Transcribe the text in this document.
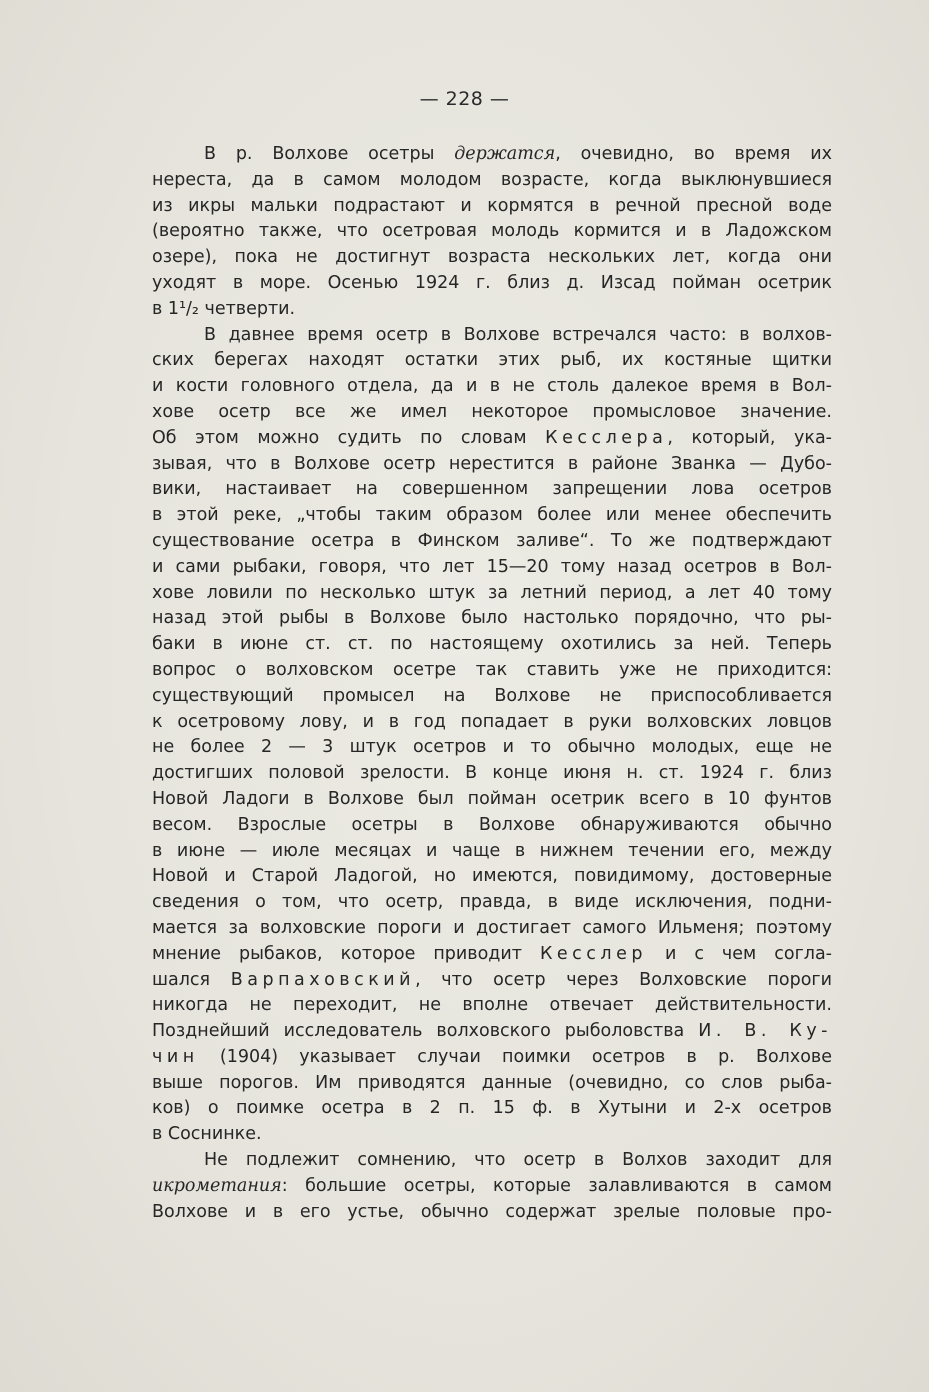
— 228 —
В р. Волхове осетры держатся, очевидно, во время их
нереста, да в самом молодом возрасте, когда выклюнувшиеся
из икры мальки подрастают и кормятся в речной пресной воде
(вероятно также, что осетровая молодь кормится и в Ладожском
озере), пока не достигнут возраста нескольких лет, когда они
уходят в море. Осенью 1924 г. близ д. Изсад пойман осетрик
в 1¹/₂ четверти.
В давнее время осетр в Волхове встречался часто: в волхов-
ских берегах находят остатки этих рыб, их костяные щитки
и кости головного отдела, да и в не столь далекое время в Вол-
хове осетр все же имел некоторое промысловое значение.
Об этом можно судить по словам Кесслера, который, ука-
зывая, что в Волхове осетр нерестится в районе Званка — Дубо-
вики, настаивает на совершенном запрещении лова осетров
в этой реке, „чтобы таким образом более или менее обеспечить
существование осетра в Финском заливе“. То же подтверждают
и сами рыбаки, говоря, что лет 15—20 тому назад осетров в Вол-
хове ловили по несколько штук за летний период, а лет 40 тому
назад этой рыбы в Волхове было настолько порядочно, что ры-
баки в июне ст. ст. по настоящему охотились за ней. Теперь
вопрос о волховском осетре так ставить уже не приходится:
существующий промысел на Волхове не приспособливается
к осетровому лову, и в год попадает в руки волховских ловцов
не более 2 — 3 штук осетров и то обычно молодых, еще не
достигших половой зрелости. В конце июня н. ст. 1924 г. близ
Новой Ладоги в Волхове был пойман осетрик всего в 10 фунтов
весом. Взрослые осетры в Волхове обнаруживаются обычно
в июне — июле месяцах и чаще в нижнем течении его, между
Новой и Старой Ладогой, но имеются, повидимому, достоверные
сведения о том, что осетр, правда, в виде исключения, подни-
мается за волховские пороги и достигает самого Ильменя; поэтому
мнение рыбаков, которое приводит Кесслер и с чем согла-
шался Варпаховский, что осетр через Волховские пороги
никогда не переходит, не вполне отвечает действительности.
Позднейший исследователь волховского рыболовства И. В. Ку-
чин (1904) указывает случаи поимки осетров в р. Волхове
выше порогов. Им приводятся данные (очевидно, со слов рыба-
ков) о поимке осетра в 2 п. 15 ф. в Хутыни и 2-х осетров
в Соснинке.
Не подлежит сомнению, что осетр в Волхов заходит для
икрометания: большие осетры, которые залавливаются в самом
Волхове и в его устье, обычно содержат зрелые половые про-
